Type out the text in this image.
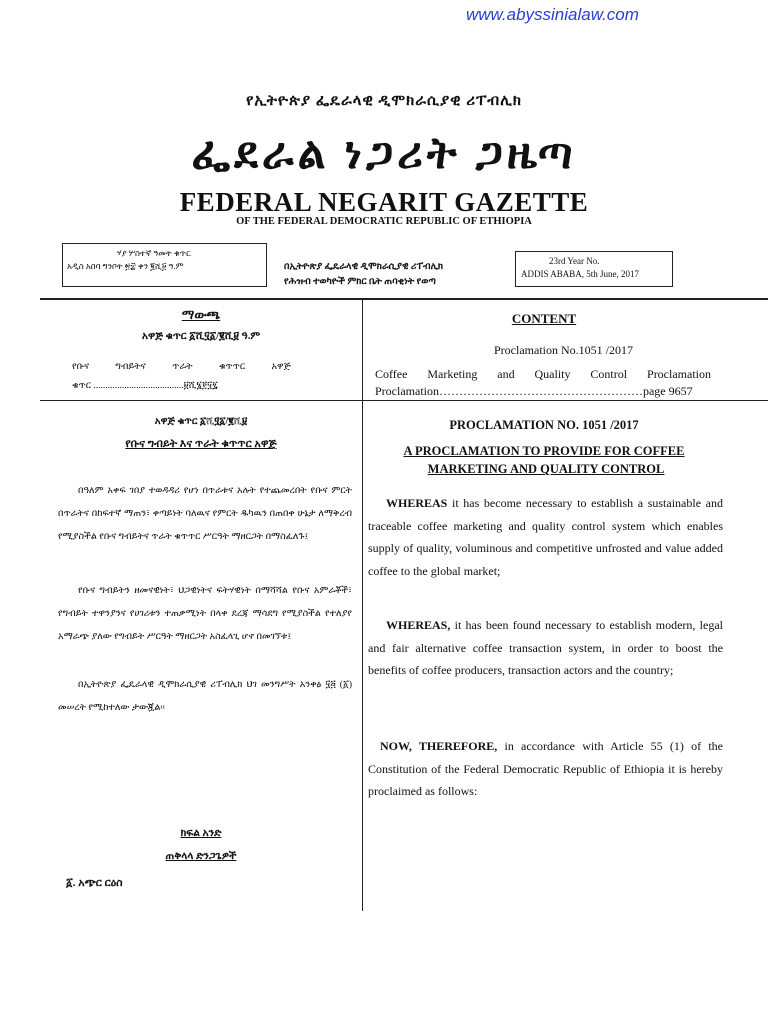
www.abyssinialaw.com
የኢትዮጵያ ፌዴራላዊ ዲሞክራሲያዊ ሪፐብሊክ
ፌደራል ነጋሪት ጋዜጣ
FEDERAL NEGARIT GAZETTE
OF THE FEDERAL DEMOCRATIC REPUBLIC OF ETHIOPIA
ሃያ ሦስተኛ ዓመት ቁጥር
አዲስ አበባ ግንቦት ፳፰ ቀን ፪ሺ፱ ዓ.ም	በኢትዮጵያ ፌዴራላዊ ዲሞክራሲያዊ ሪፐብሊክ
የሕዝብ ተወካዮች ምክር ቤት ጠባቂነት የወጣ
23rd Year No.
ADDIS ABABA, 5th June, 2017
ማውጫ
አዋጅ ቁጥር ፩ሺ፶፩/፪ሺ፱ ዓ.ም
የቡና ግብይትና ጥራት ቁጥጥር አዋጅ
ቁጥር ......................................፱ሺ፮፻፶፯
CONTENT
Proclamation No.1051 /2017
Coffee Marketing and Quality Control Proclamation
Proclamation……………………………………………page 9657
አዋጅ ቁጥር ፩ሺ፶፩/፪ሺ፱
የቡና ግብይት እና ጥራት ቁጥጥር አዋጅ
በዓለም አቀፍ ገበያ ተወዳዳሪ የሆነ በጥራቱና አሉት የተጨመረበት የቡና ምርት በጥራትና በከፍተኛ ማጠን፣ ቀጣይነት ባለዉና የምርት ዱካዉን በጠበቀ ሁኔታ ለማቅረብ የሚያስችል የቡና ግብይትና ጥራት ቁጥጥር ሥርዓት ማዘርጋት በማስፈለጉ፤
የቡና ግብይትን ዘመናዊነት፣ ህጋዊነትና ፍትሃዊነት በማሻሻል የቡና አምራቾች፣ የግብይት ተዋንያንና የሀገሪቱን ተጠቃሚነት በላቀ ደረጃ ማሳደግ የሚያስችል የተለያየ አማራጭ ያለው የግብይት ሥርዓት ማዘርጋት አስፈላጊ ሆኖ በመገኘቱ፤
በኢትዮጵያ ፌዴራላዊ ዲሞክራሲያዊ ሪፐብሊክ ህገ መንግሥት አንቀፅ ፶፭ (፩) መሠረት የሚከተለው ታውጇል፡፡
ክፍል አንድ
ጠቅላላ ድንጋጌዎች
፩. አጭር ርዕስ
PROCLAMATION NO. 1051 /2017
A PROCLAMATION TO PROVIDE FOR COFFEE
MARKETING AND QUALITY CONTROL
WHEREAS it has become necessary to establish a sustainable and traceable coffee marketing and quality control system which enables supply of quality, voluminous and competitive unfrosted and value added coffee to the global market;
WHEREAS, it has been found necessary to establish modern, legal and fair alternative coffee transaction system, in order to boost the benefits of coffee producers, transaction actors and the country;
NOW, THEREFORE, in accordance with Article 55 (1) of the Constitution of the Federal Democratic Republic of Ethiopia it is hereby proclaimed as follows:
